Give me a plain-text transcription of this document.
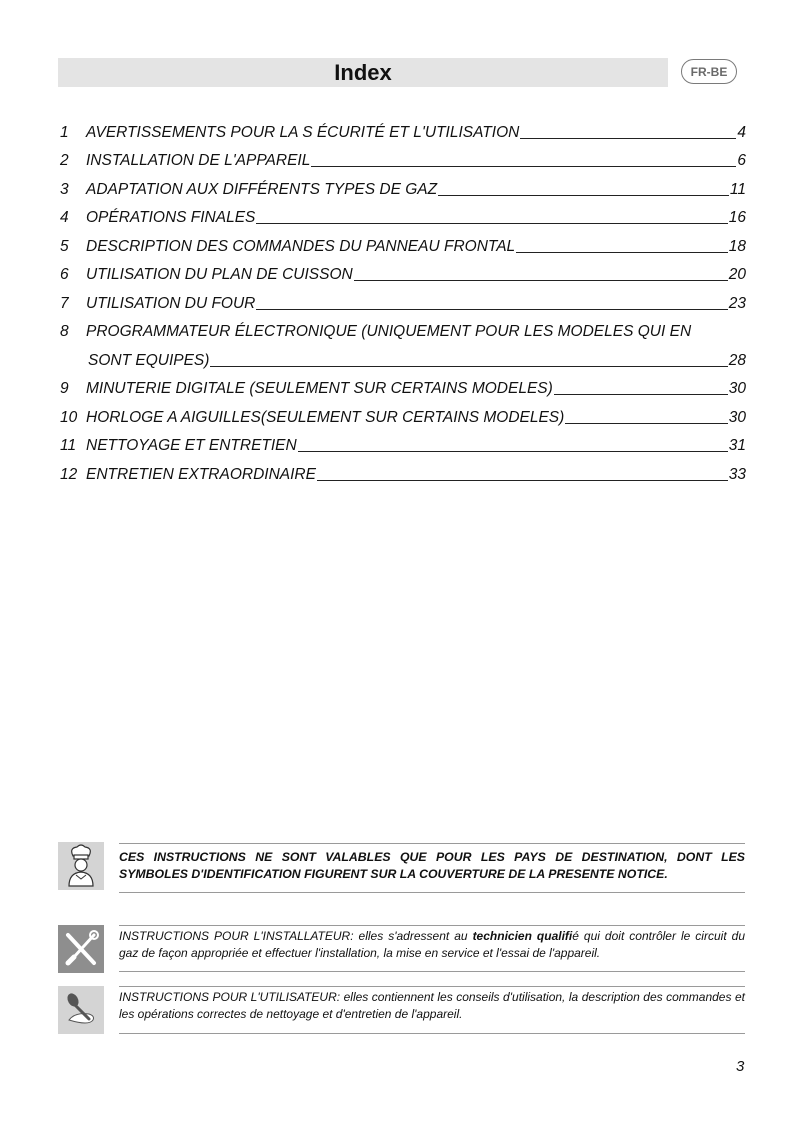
Index	FR-BE
1	AVERTISSEMENTS POUR LA S ÉCURITÉ ET L'UTILISATION	4
2	INSTALLATION DE L'APPAREIL	6
3	ADAPTATION AUX DIFFÉRENTS TYPES DE GAZ	11
4	OPÉRATIONS FINALES	16
5	DESCRIPTION DES COMMANDES DU PANNEAU FRONTAL	18
6	UTILISATION DU PLAN DE CUISSON	20
7	UTILISATION DU FOUR	23
8	PROGRAMMATEUR ÉLECTRONIQUE (UNIQUEMENT POUR LES MODELES QUI EN
SONT EQUIPES)	28
9	MINUTERIE DIGITALE (SEULEMENT SUR CERTAINS MODELES)	30
10 HORLOGE A AIGUILLES(SEULEMENT SUR CERTAINS MODELES)	30
11 NETTOYAGE ET ENTRETIEN	31
12 ENTRETIEN EXTRAORDINAIRE	33
CES INSTRUCTIONS NE SONT VALABLES QUE POUR LES PAYS DE DESTINATION, DONT LES SYMBOLES D'IDENTIFICATION FIGURENT SUR LA COUVERTURE DE LA PRESENTE NOTICE.
INSTRUCTIONS POUR L'INSTALLATEUR: elles s'adressent au technicien qualifié qui doit contrôler le circuit du gaz de façon appropriée et effectuer l'installation, la mise en service et l'essai de l'appareil.
INSTRUCTIONS POUR L'UTILISATEUR: elles contiennent les conseils d'utilisation, la description des commandes et les opérations correctes de nettoyage et d'entretien de l'appareil.
3
